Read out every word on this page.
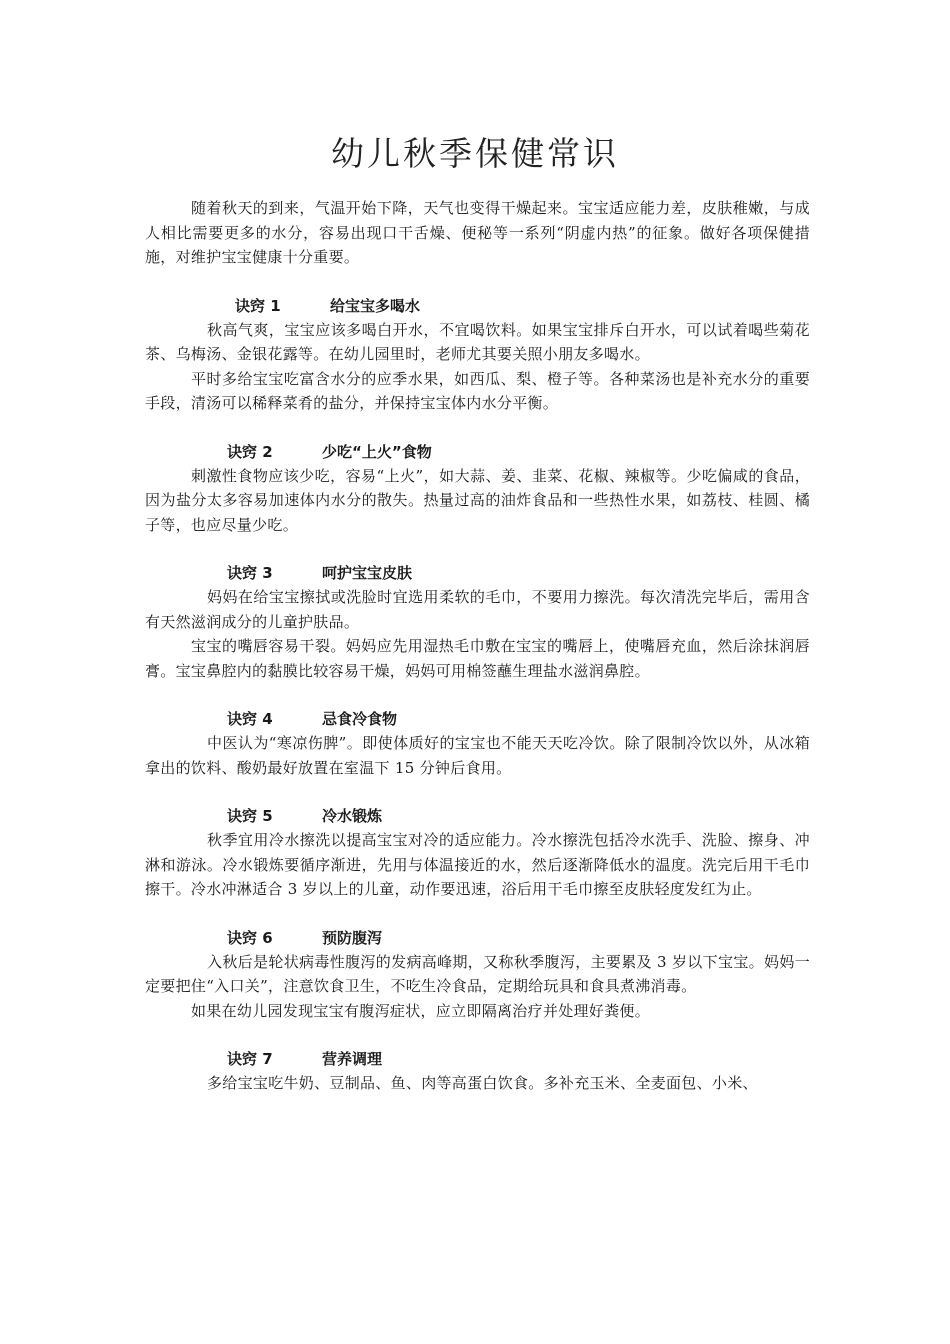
幼儿秋季保健常识

随着秋天的到来，气温开始下降，天气也变得干燥起来。宝宝适应能力差，皮肤稚嫩，与成人相比需要更多的水分，容易出现口干舌燥、便秘等一系列“阴虚内热”的征象。做好各项保健措施，对维护宝宝健康十分重要。

诀窍 1	给宝宝多喝水

秋高气爽，宝宝应该多喝白开水，不宜喝饮料。如果宝宝排斥白开水，可以试着喝些菊花茶、乌梅汤、金银花露等。在幼儿园里时，老师尤其要关照小朋友多喝水。

平时多给宝宝吃富含水分的应季水果，如西瓜、梨、橙子等。各种菜汤也是补充水分的重要手段，清汤可以稀释菜肴的盐分，并保持宝宝体内水分平衡。

诀窍 2	少吃“上火”食物

刺激性食物应该少吃，容易“上火”，如大蒜、姜、韭菜、花椒、辣椒等。少吃偏咸的食品，因为盐分太多容易加速体内水分的散失。热量过高的油炸食品和一些热性水果，如荔枝、桂圆、橘子等，也应尽量少吃。

诀窍 3	呵护宝宝皮肤

妈妈在给宝宝擦拭或洗脸时宜选用柔软的毛巾，不要用力擦洗。每次清洗完毕后，需用含有天然滋润成分的儿童护肤品。

宝宝的嘴唇容易干裂。妈妈应先用湿热毛巾敷在宝宝的嘴唇上，使嘴唇充血，然后涂抹润唇膏。宝宝鼻腔内的黏膜比较容易干燥，妈妈可用棉签蘸生理盐水滋润鼻腔。

诀窍 4	忌食冷食物

中医认为“寒凉伤脾”。即使体质好的宝宝也不能天天吃冷饮。除了限制冷饮以外，从冰箱拿出的饮料、酸奶最好放置在室温下 15 分钟后食用。

诀窍 5	冷水锻炼

秋季宜用冷水擦洗以提高宝宝对冷的适应能力。冷水擦洗包括冷水洗手、洗脸、擦身、冲淋和游泳。冷水锻炼要循序渐进，先用与体温接近的水，然后逐渐降低水的温度。洗完后用干毛巾擦干。冷水冲淋适合 3 岁以上的儿童，动作要迅速，浴后用干毛巾擦至皮肤轻度发红为止。

诀窍 6	预防腹泻

入秋后是轮状病毒性腹泻的发病高峰期，又称秋季腹泻，主要累及 3 岁以下宝宝。妈妈一定要把住“入口关”，注意饮食卫生，不吃生冷食品，定期给玩具和食具煮沸消毒。

如果在幼儿园发现宝宝有腹泻症状，应立即隔离治疗并处理好粪便。

诀窍 7	营养调理

多给宝宝吃牛奶、豆制品、鱼、肉等高蛋白饮食。多补充玉米、全麦面包、小米、
